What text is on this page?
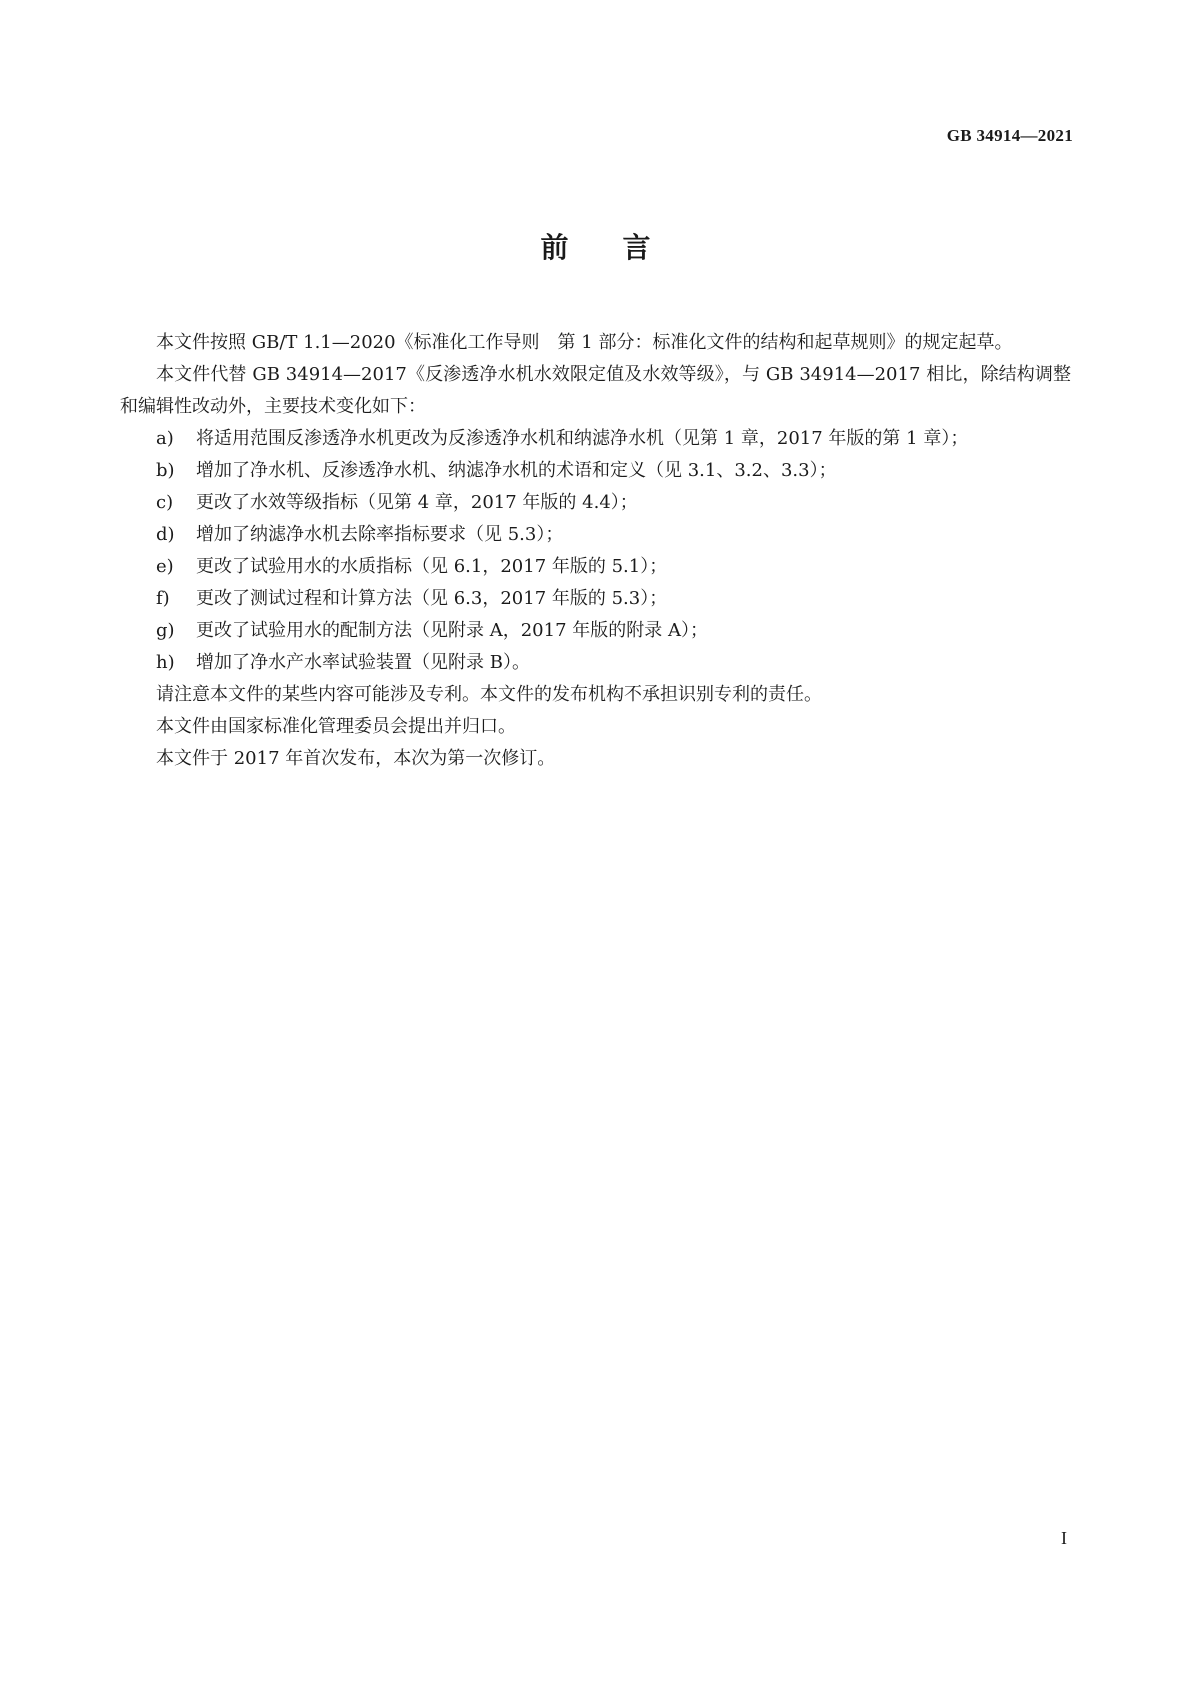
GB 34914—2021
前言

本文件按照 GB/T 1.1—2020《标准化工作导则　第 1 部分：标准化文件的结构和起草规则》的规定起草。

本文件代替 GB 34914—2017《反渗透净水机水效限定值及水效等级》，与 GB 34914—2017 相比，除结构调整和编辑性改动外，主要技术变化如下：

a)	将适用范围反渗透净水机更改为反渗透净水机和纳滤净水机（见第 1 章，2017 年版的第 1 章）；
b)	增加了净水机、反渗透净水机、纳滤净水机的术语和定义（见 3.1、3.2、3.3）；
c)	更改了水效等级指标（见第 4 章，2017 年版的 4.4）；
d)	增加了纳滤净水机去除率指标要求（见 5.3）；
e)	更改了试验用水的水质指标（见 6.1，2017 年版的 5.1）；
f)	更改了测试过程和计算方法（见 6.3，2017 年版的 5.3）；
g)	更改了试验用水的配制方法（见附录 A，2017 年版的附录 A）；
h)	增加了净水产水率试验装置（见附录 B）。

请注意本文件的某些内容可能涉及专利。本文件的发布机构不承担识别专利的责任。

本文件由国家标准化管理委员会提出并归口。

本文件于 2017 年首次发布，本次为第一次修订。

I
